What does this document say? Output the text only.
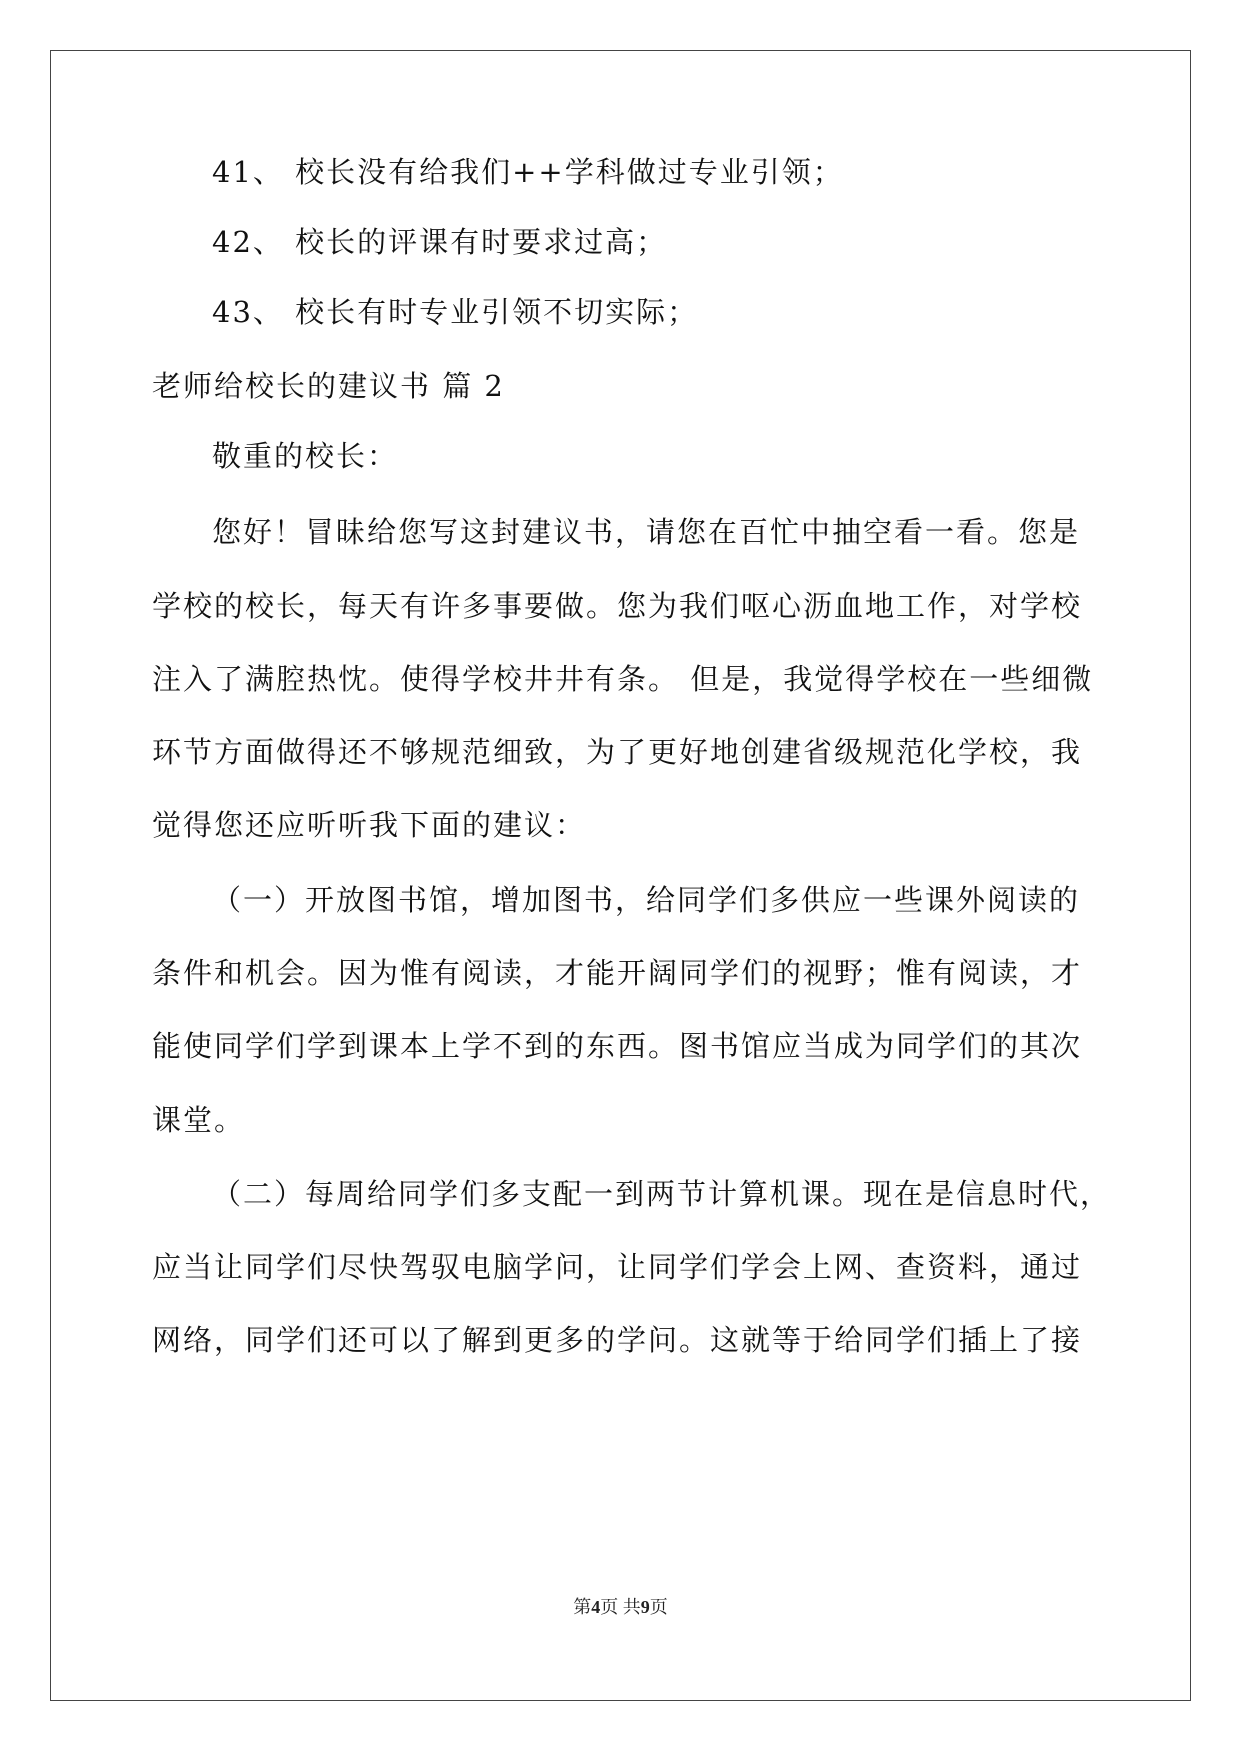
41、 校长没有给我们++学科做过专业引领；
42、 校长的评课有时要求过高；
43、 校长有时专业引领不切实际；
老师给校长的建议书 篇 2
敬重的校长：
您好！冒昧给您写这封建议书，请您在百忙中抽空看一看。您是
学校的校长，每天有许多事要做。您为我们呕心沥血地工作，对学校
注入了满腔热忱。使得学校井井有条。 但是，我觉得学校在一些细微
环节方面做得还不够规范细致，为了更好地创建省级规范化学校，我
觉得您还应听听我下面的建议：
（一）开放图书馆，增加图书，给同学们多供应一些课外阅读的
条件和机会。因为惟有阅读，才能开阔同学们的视野；惟有阅读，才
能使同学们学到课本上学不到的东西。图书馆应当成为同学们的其次
课堂。
（二）每周给同学们多支配一到两节计算机课。现在是信息时代，
应当让同学们尽快驾驭电脑学问，让同学们学会上网、查资料，通过
网络，同学们还可以了解到更多的学问。这就等于给同学们插上了接
第4页 共9页
